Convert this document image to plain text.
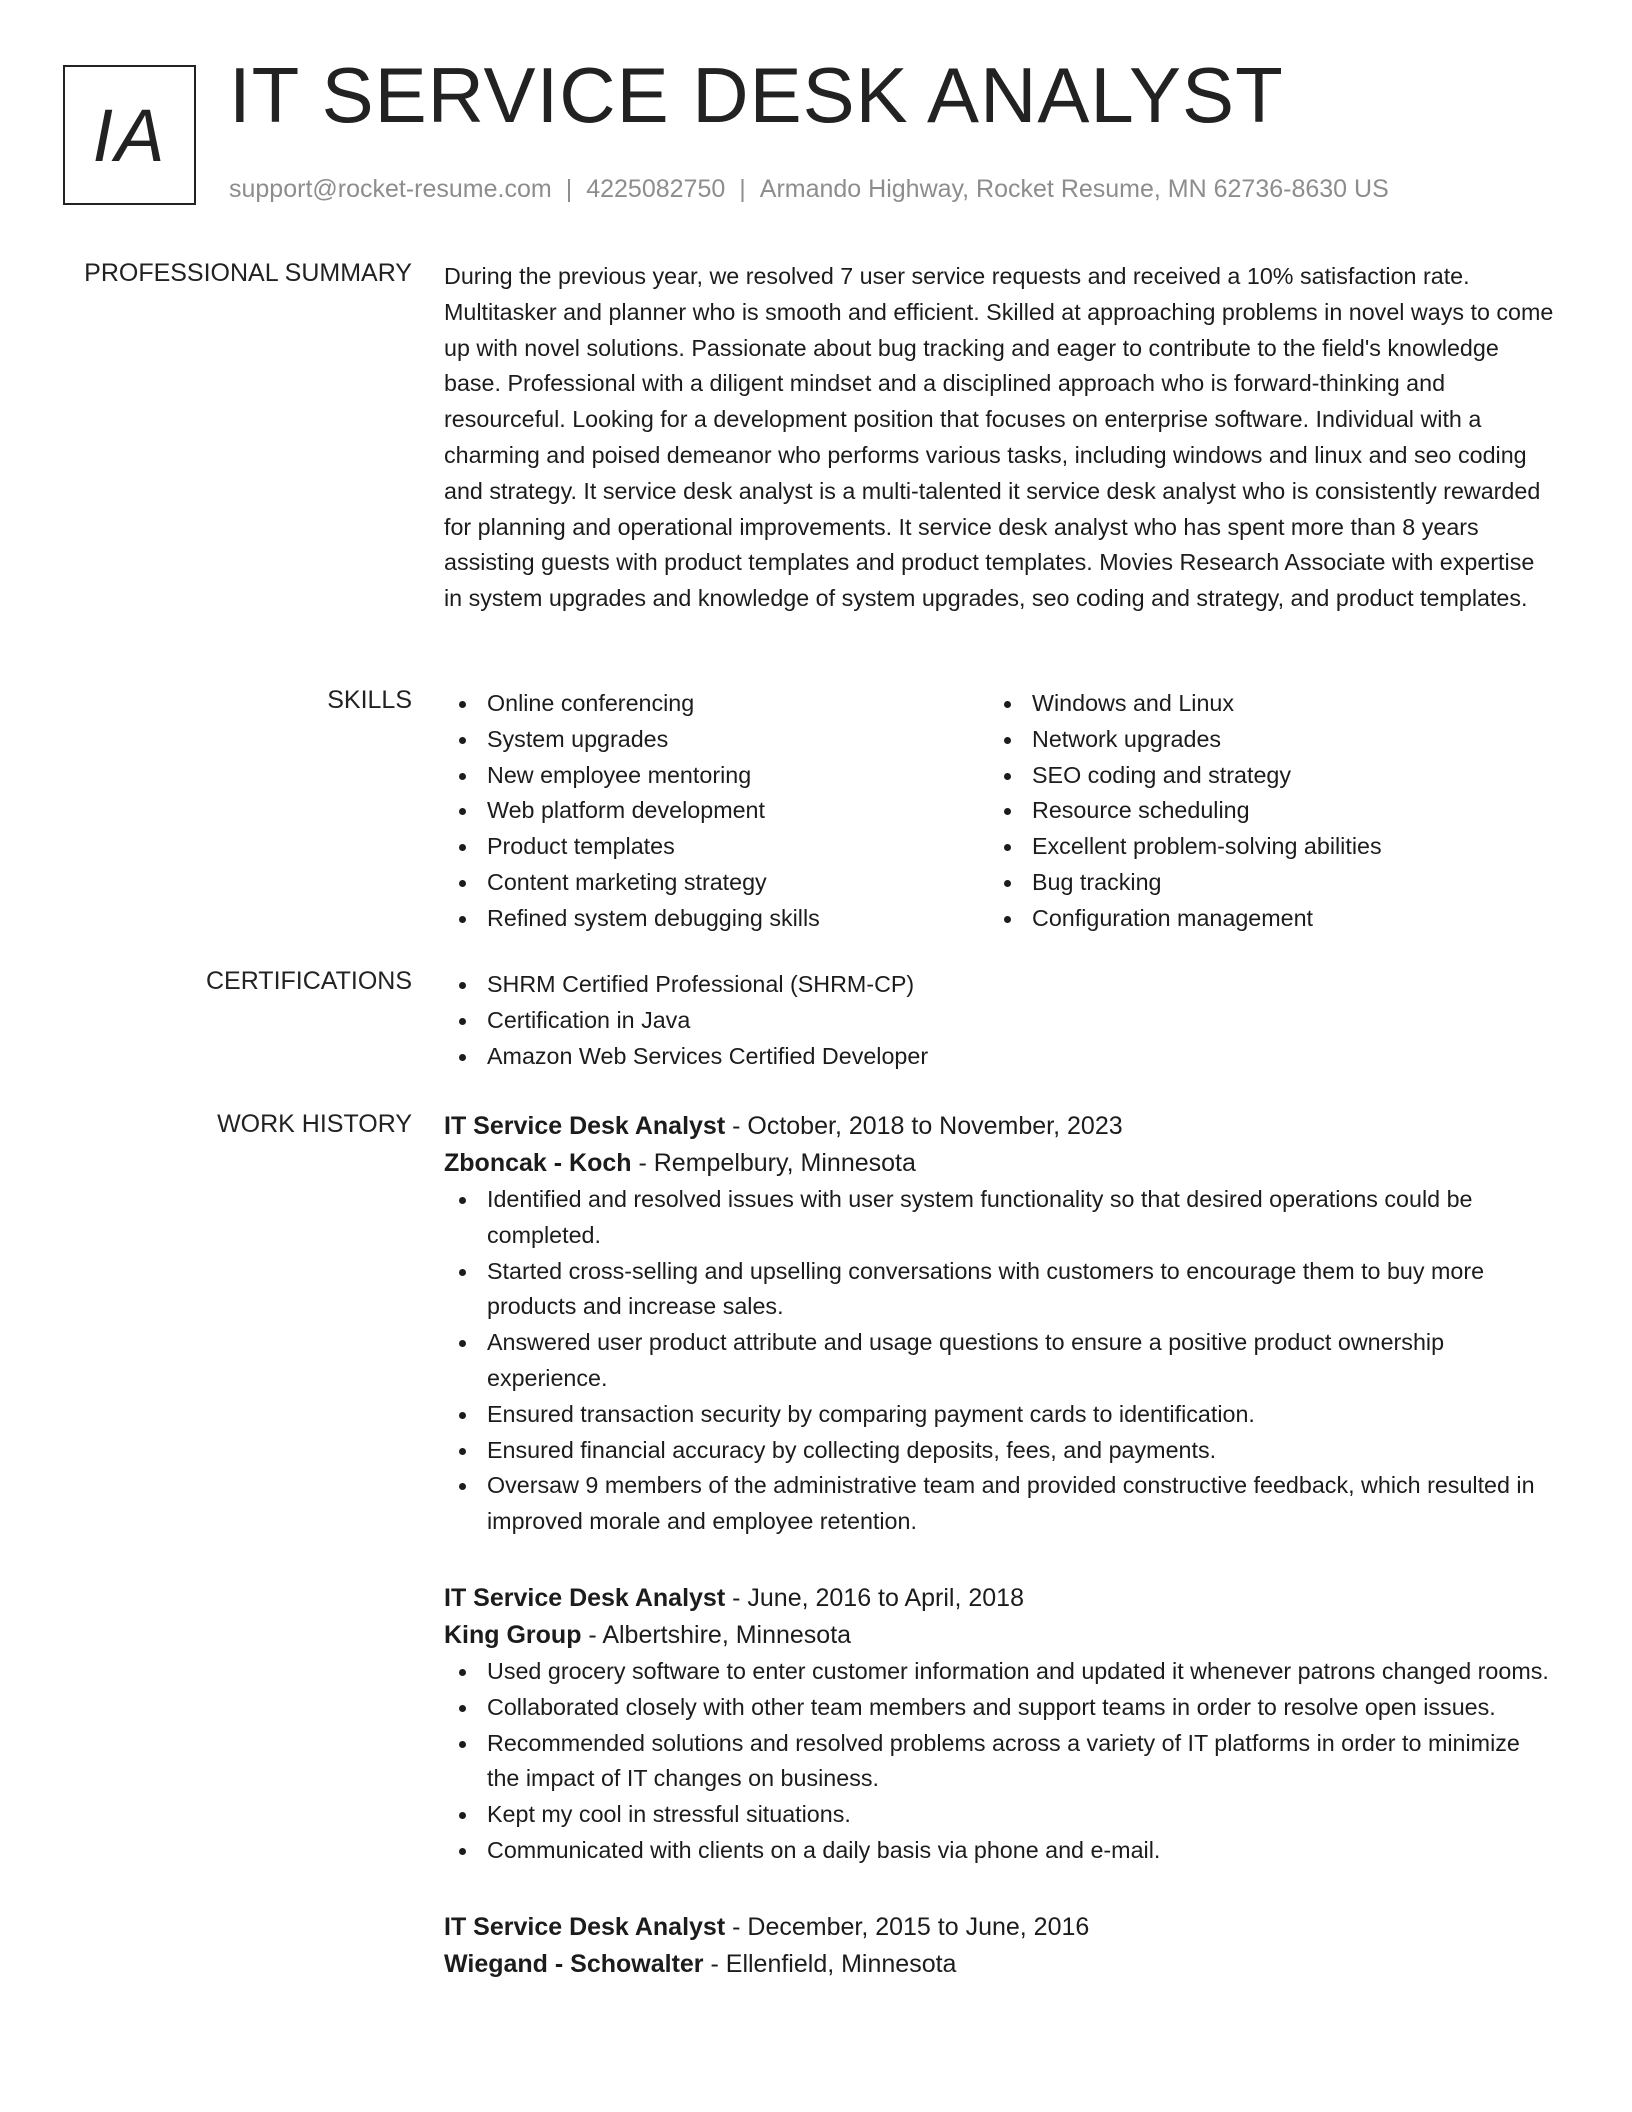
IA IT SERVICE DESK ANALYST
support@rocket-resume.com | 4225082750 | Armando Highway, Rocket Resume, MN 62736-8630 US
PROFESSIONAL SUMMARY During the previous year, we resolved 7 user service requests and received a 10% satisfaction rate. Multitasker and planner who is smooth and efficient. Skilled at approaching problems in novel ways to come up with novel solutions. Passionate about bug tracking and eager to contribute to the field's knowledge base. Professional with a diligent mindset and a disciplined approach who is forward-thinking and resourceful. Looking for a development position that focuses on enterprise software. Individual with a charming and poised demeanor who performs various tasks, including windows and linux and seo coding and strategy. It service desk analyst is a multi-talented it service desk analyst who is consistently rewarded for planning and operational improvements. It service desk analyst who has spent more than 8 years assisting guests with product templates and product templates. Movies Research Associate with expertise in system upgrades and knowledge of system upgrades, seo coding and strategy, and product templates.

SKILLS	Online conferencing
System upgrades
New employee mentoring
Web platform development
Product templates
Content marketing strategy
Refined system debugging skills
Windows and Linux
Network upgrades
SEO coding and strategy
Resource scheduling
Excellent problem-solving abilities
Bug tracking
Configuration management
CERTIFICATIONS	SHRM Certified Professional (SHRM-CP)
Certification in Java
Amazon Web Services Certified Developer
WORK HISTORY IT Service Desk Analyst - October, 2018 to November, 2023
Zboncak - Koch - Rempelbury, Minnesota
Identified and resolved issues with user system functionality so that desired operations could be completed.
Started cross-selling and upselling conversations with customers to encourage them to buy more products and increase sales.
Answered user product attribute and usage questions to ensure a positive product ownership experience.
Ensured transaction security by comparing payment cards to identification.
Ensured financial accuracy by collecting deposits, fees, and payments.
Oversaw 9 members of the administrative team and provided constructive feedback, which resulted in improved morale and employee retention.
IT Service Desk Analyst - June, 2016 to April, 2018
King Group - Albertshire, Minnesota
Used grocery software to enter customer information and updated it whenever patrons changed rooms.
Collaborated closely with other team members and support teams in order to resolve open issues.
Recommended solutions and resolved problems across a variety of IT platforms in order to minimize the impact of IT changes on business.
Kept my cool in stressful situations.
Communicated with clients on a daily basis via phone and e-mail.
IT Service Desk Analyst - December, 2015 to June, 2016
Wiegand - Schowalter - Ellenfield, Minnesota
